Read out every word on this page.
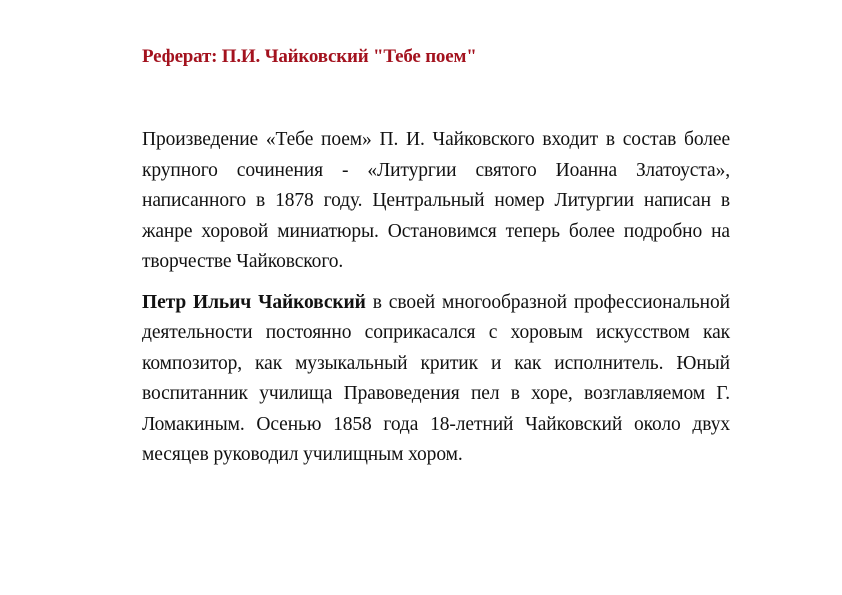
Реферат: П.И. Чайковский "Тебе поем"

Произведение «Тебе поем» П. И. Чайковского входит в состав более крупного сочинения - «Литургии святого Иоанна Златоуста», написанного в 1878 году. Центральный номер Литургии написан в жанре хоровой миниатюры. Остановимся теперь более подробно на творчестве Чайковского.

Петр Ильич Чайковский в своей многообразной профессиональной деятельности постоянно соприкасался с хоровым искусством как композитор, как музыкальный критик и как исполнитель. Юный воспитанник училища Правоведения пел в хоре, возглавляемом Г. Ломакиным. Осенью 1858 года 18-летний Чайковский около двух месяцев руководил училищным хором.
